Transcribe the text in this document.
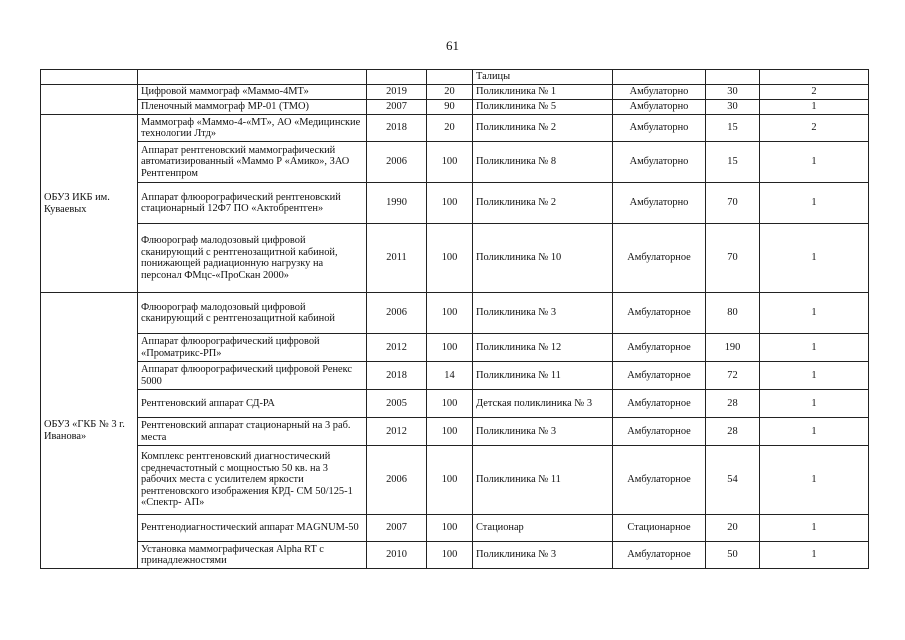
61
				Талицы			
	Цифровой маммограф «Маммо-4МТ»	2019	20	Поликлиника № 1	Амбулаторно	30	2
	Пленочный маммограф МР-01 (ТМО)	2007	90	Поликлиника № 5	Амбулаторно	30	1
ОБУЗ ИКБ им. Куваевых	Маммограф «Маммо-4-«МТ», АО «Медицинские технологии Лтд»	2018	20	Поликлиника № 2	Амбулаторно	15	2
	Аппарат рентгеновский маммографический автоматизированный «Маммо Р «Амико», ЗАО Рентгенпром	2006	100	Поликлиника № 8	Амбулаторно	15	1
	Аппарат флюорографический рентгеновский стационарный 12Ф7 ПО «Актобрентген»	1990	100	Поликлиника № 2	Амбулаторно	70	1
	Флюорограф малодозовый цифровой сканирующий с рентгенозащитной кабиной, понижающей радиационную нагрузку на персонал ФМцс-«ПроСкан 2000»	2011	100	Поликлиника № 10	Амбулаторное	70	1
ОБУЗ «ГКБ № 3 г. Иванова»	Флюорограф малодозовый цифровой сканирующий с рентгенозащитной кабиной	2006	100	Поликлиника № 3	Амбулаторное	80	1
	Аппарат флюорографический цифровой «Проматрикс-РП»	2012	100	Поликлиника № 12	Амбулаторное	190	1
	Аппарат флюорографический цифровой Ренекс 5000	2018	14	Поликлиника № 11	Амбулаторное	72	1
	Рентгеновский аппарат СД-РА	2005	100	Детская поликлиника № 3	Амбулаторное	28	1
	Рентгеновский аппарат стационарный на 3 раб. места	2012	100	Поликлиника № 3	Амбулаторное	28	1
	Комплекс рентгеновский диагностический среднечастотный с мощностью 50 кв. на 3 рабочих места с усилителем яркости рентгеновского изображения КРД- СМ 50/125-1 «Спектр- АП»	2006	100	Поликлиника № 11	Амбулаторное	54	1
	Рентгенодиагностический аппарат MAGNUM-50	2007	100	Стационар	Стационарное	20	1
	Установка маммографическая Alpha RT с принадлежностями	2010	100	Поликлиника № 3	Амбулаторное	50	1
